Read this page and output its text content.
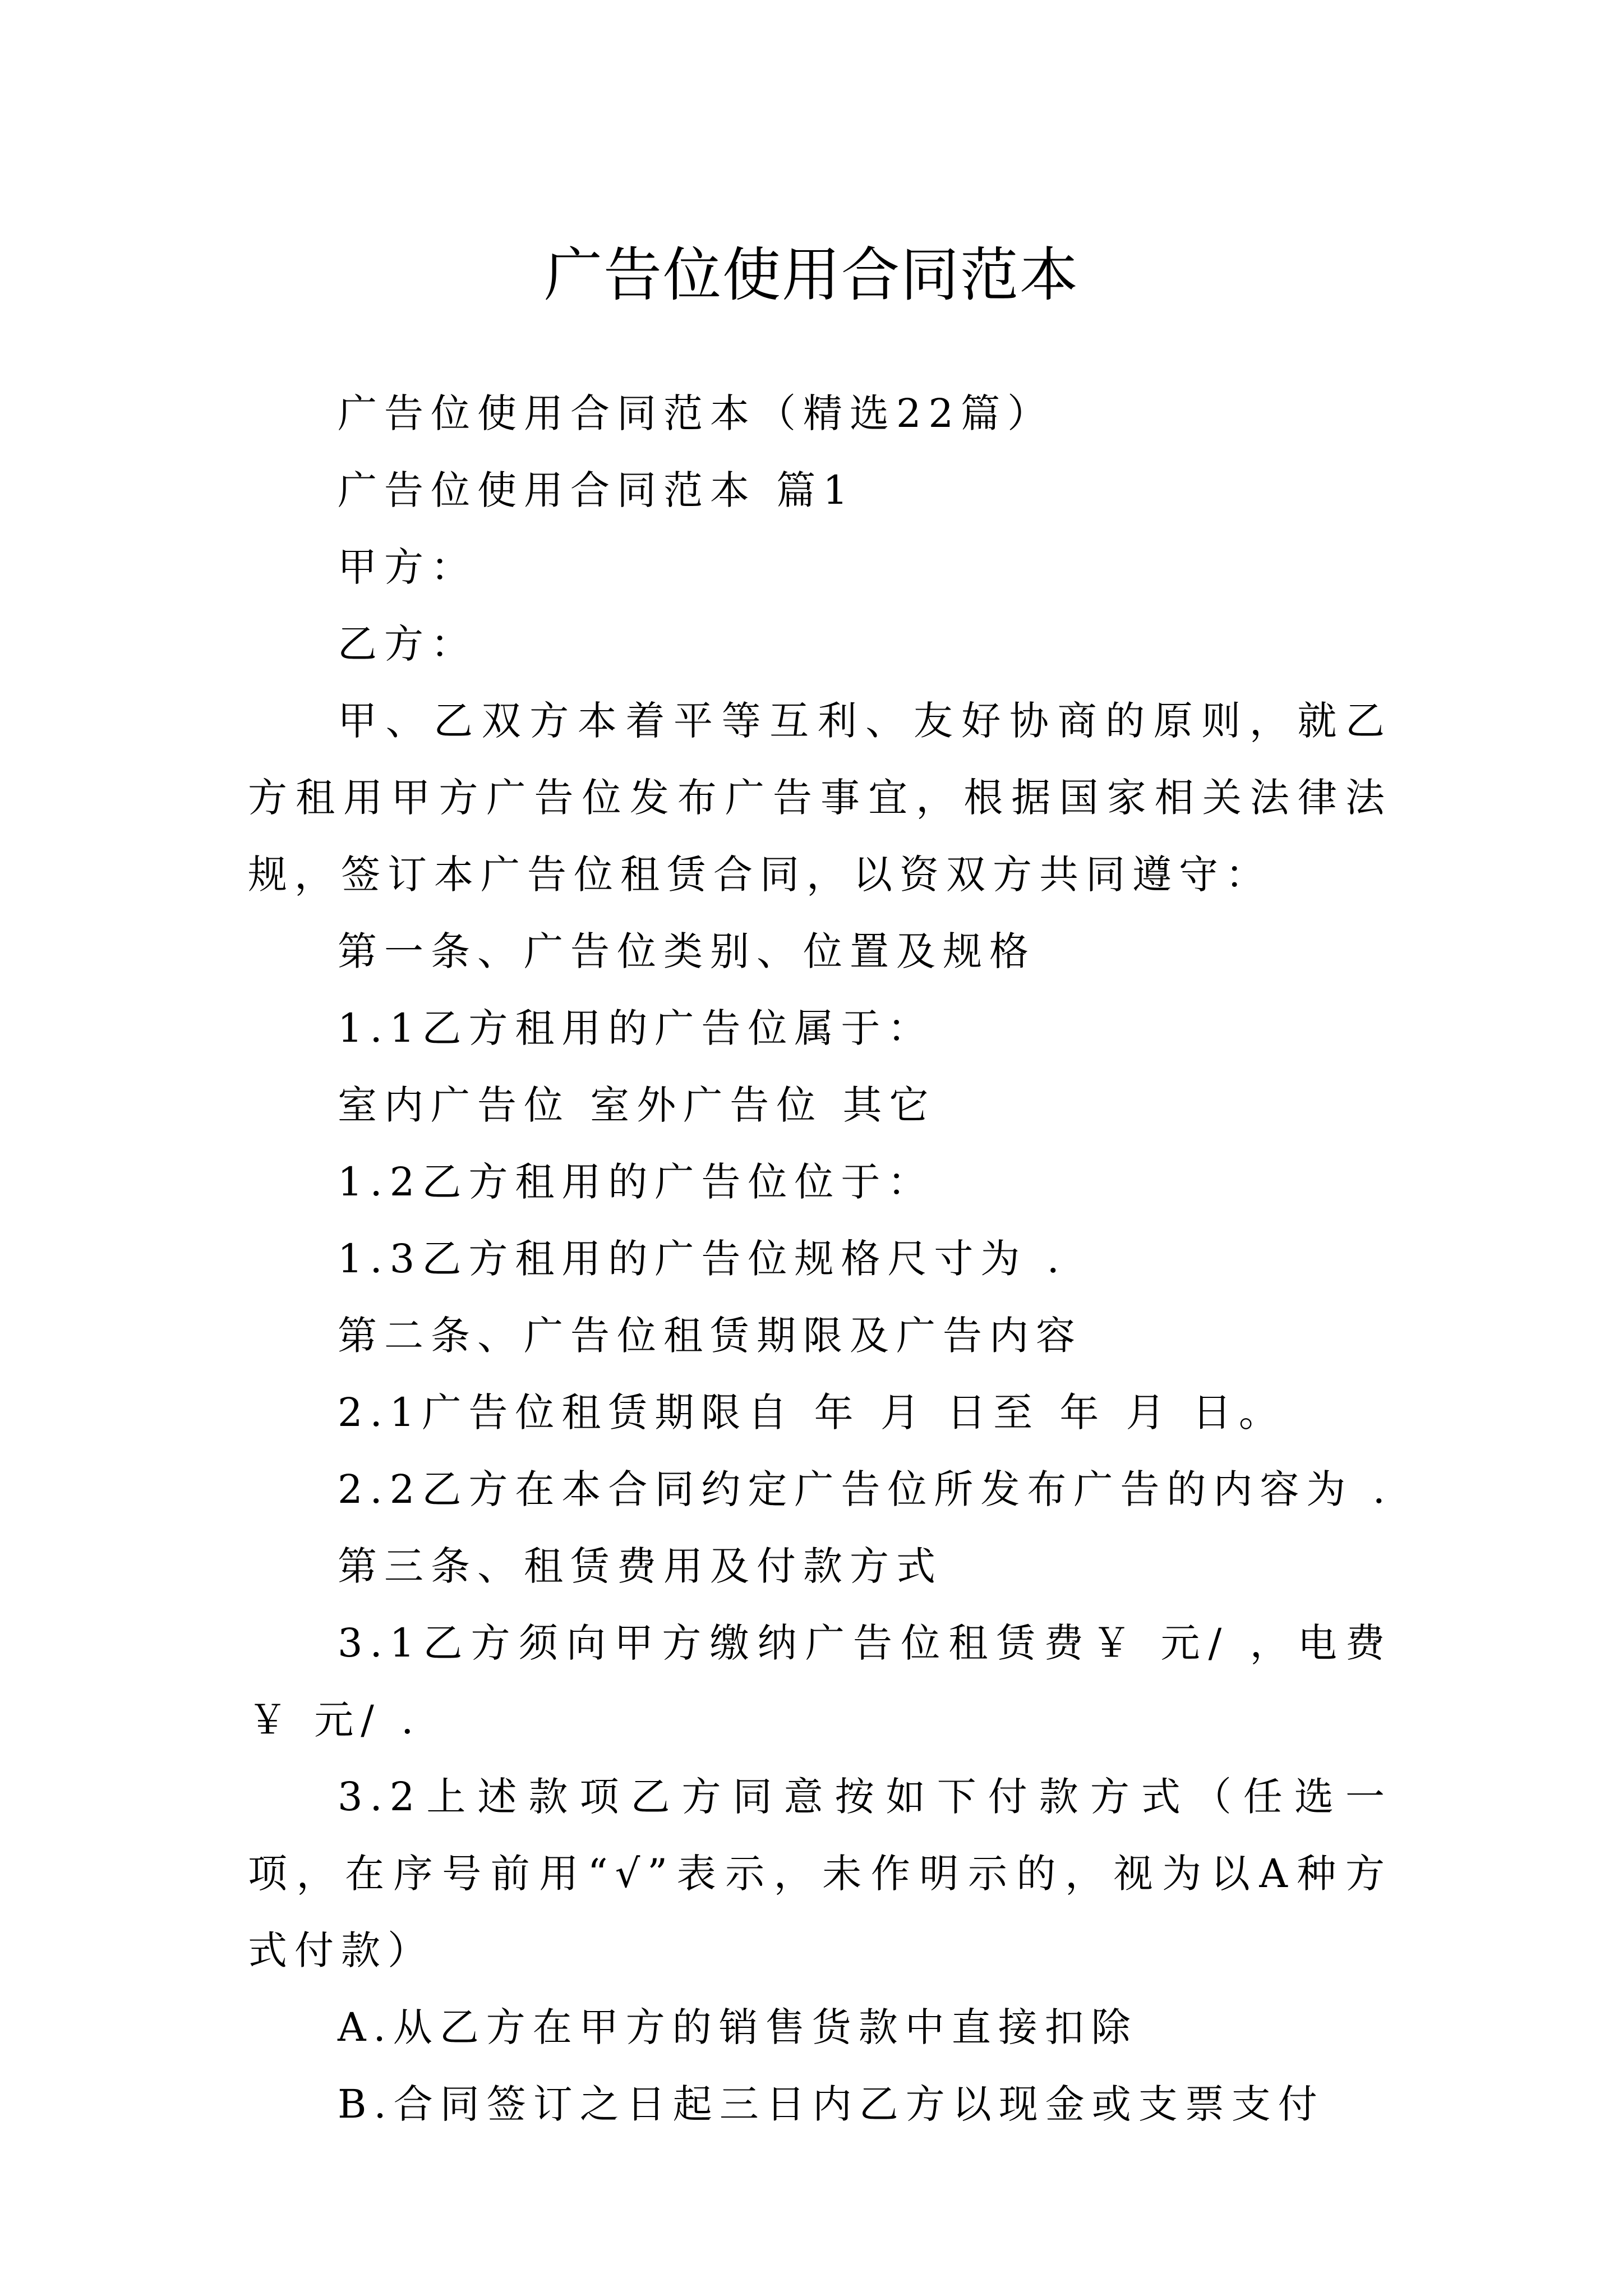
广告位使用合同范本

广告位使用合同范本（精选22篇）

广告位使用合同范本 篇1

甲方：

乙方：

甲、乙双方本着平等互利、友好协商的原则，就乙方租用甲方广告位发布广告事宜，根据国家相关法律法规，签订本广告位租赁合同，以资双方共同遵守：

第一条、广告位类别、位置及规格

1.1乙方租用的广告位属于：

室内广告位 室外广告位 其它

1.2乙方租用的广告位位于：

1.3乙方租用的广告位规格尺寸为 .

第二条、广告位租赁期限及广告内容

2.1广告位租赁期限自 年 月 日至 年 月 日。

2.2乙方在本合同约定广告位所发布广告的内容为 .

第三条、租赁费用及付款方式

3.1乙方须向甲方缴纳广告位租赁费￥ 元/ ，电费￥ 元/ .

3.2上述款项乙方同意按如下付款方式（任选一项，在序号前用“√”表示，未作明示的，视为以A种方式付款）

A.从乙方在甲方的销售货款中直接扣除

B.合同签订之日起三日内乙方以现金或支票支付
